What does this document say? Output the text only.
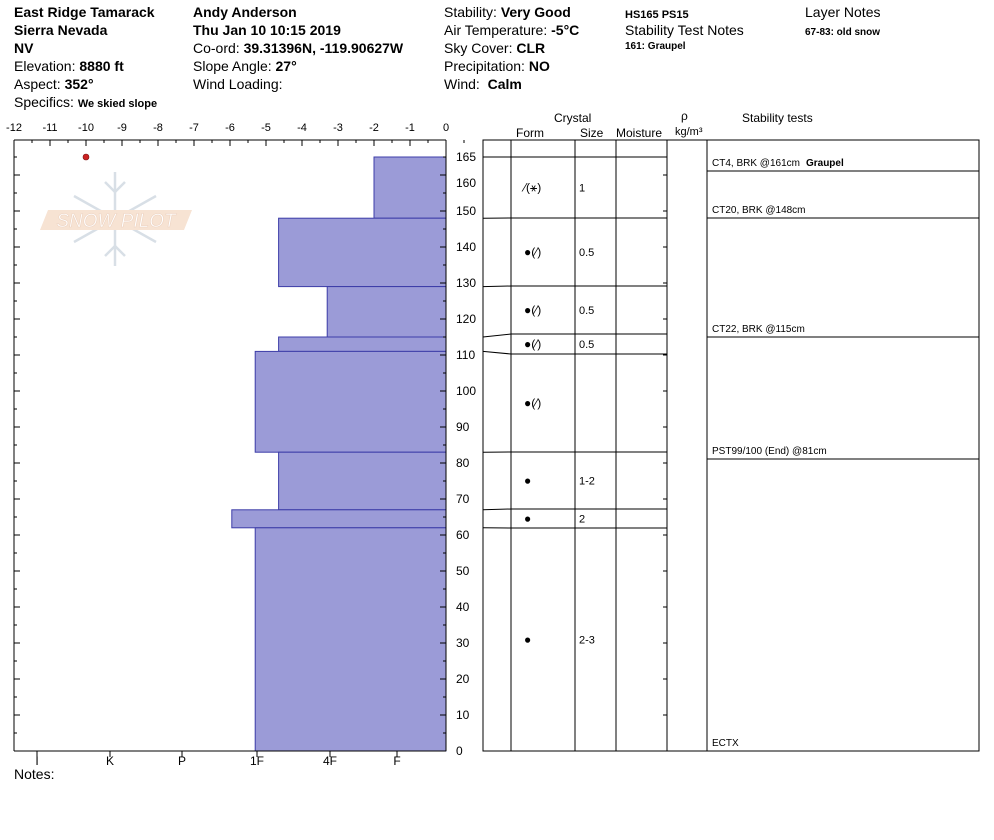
East Ridge Tamarack
Sierra Nevada
NV
Elevation: 8880 ft
Aspect: 352°
Specifics: We skied slope
Andy Anderson
Thu Jan 10 10:15 2019
Co-ord: 39.31396N, -119.90627W
Slope Angle: 27°
Wind Loading:
Stability: Very Good
Air Temperature: -5°C
Sky Cover: CLR
Precipitation: NO
Wind: Calm
HS165 PS15
Stability Test Notes
161: Graupel
Layer Notes
67-83: old snow
Crystal
Form	Size Moisture
ρ
kg/m³
Stability tests
Notes:
SNOW PILOT
-12 -11 -10 -9 -8 -7 -6 -5 -4 -3 -2 -1	0
165
160
150
140
130
120
110
100
90
80
70
60
50
40
30
20
10
0
I	K	P	1F	4F	F
⁄(⚹)	1
●(⁄)	0.5
●(⁄)	0.5
●(⁄)	0.5
●(⁄)
●	1-2
●	2
●	2-3
CT4, BRK @161cm Graupel
CT20, BRK @148cm
CT22, BRK @115cm
PST99/100 (End) @81cm
ECTX
